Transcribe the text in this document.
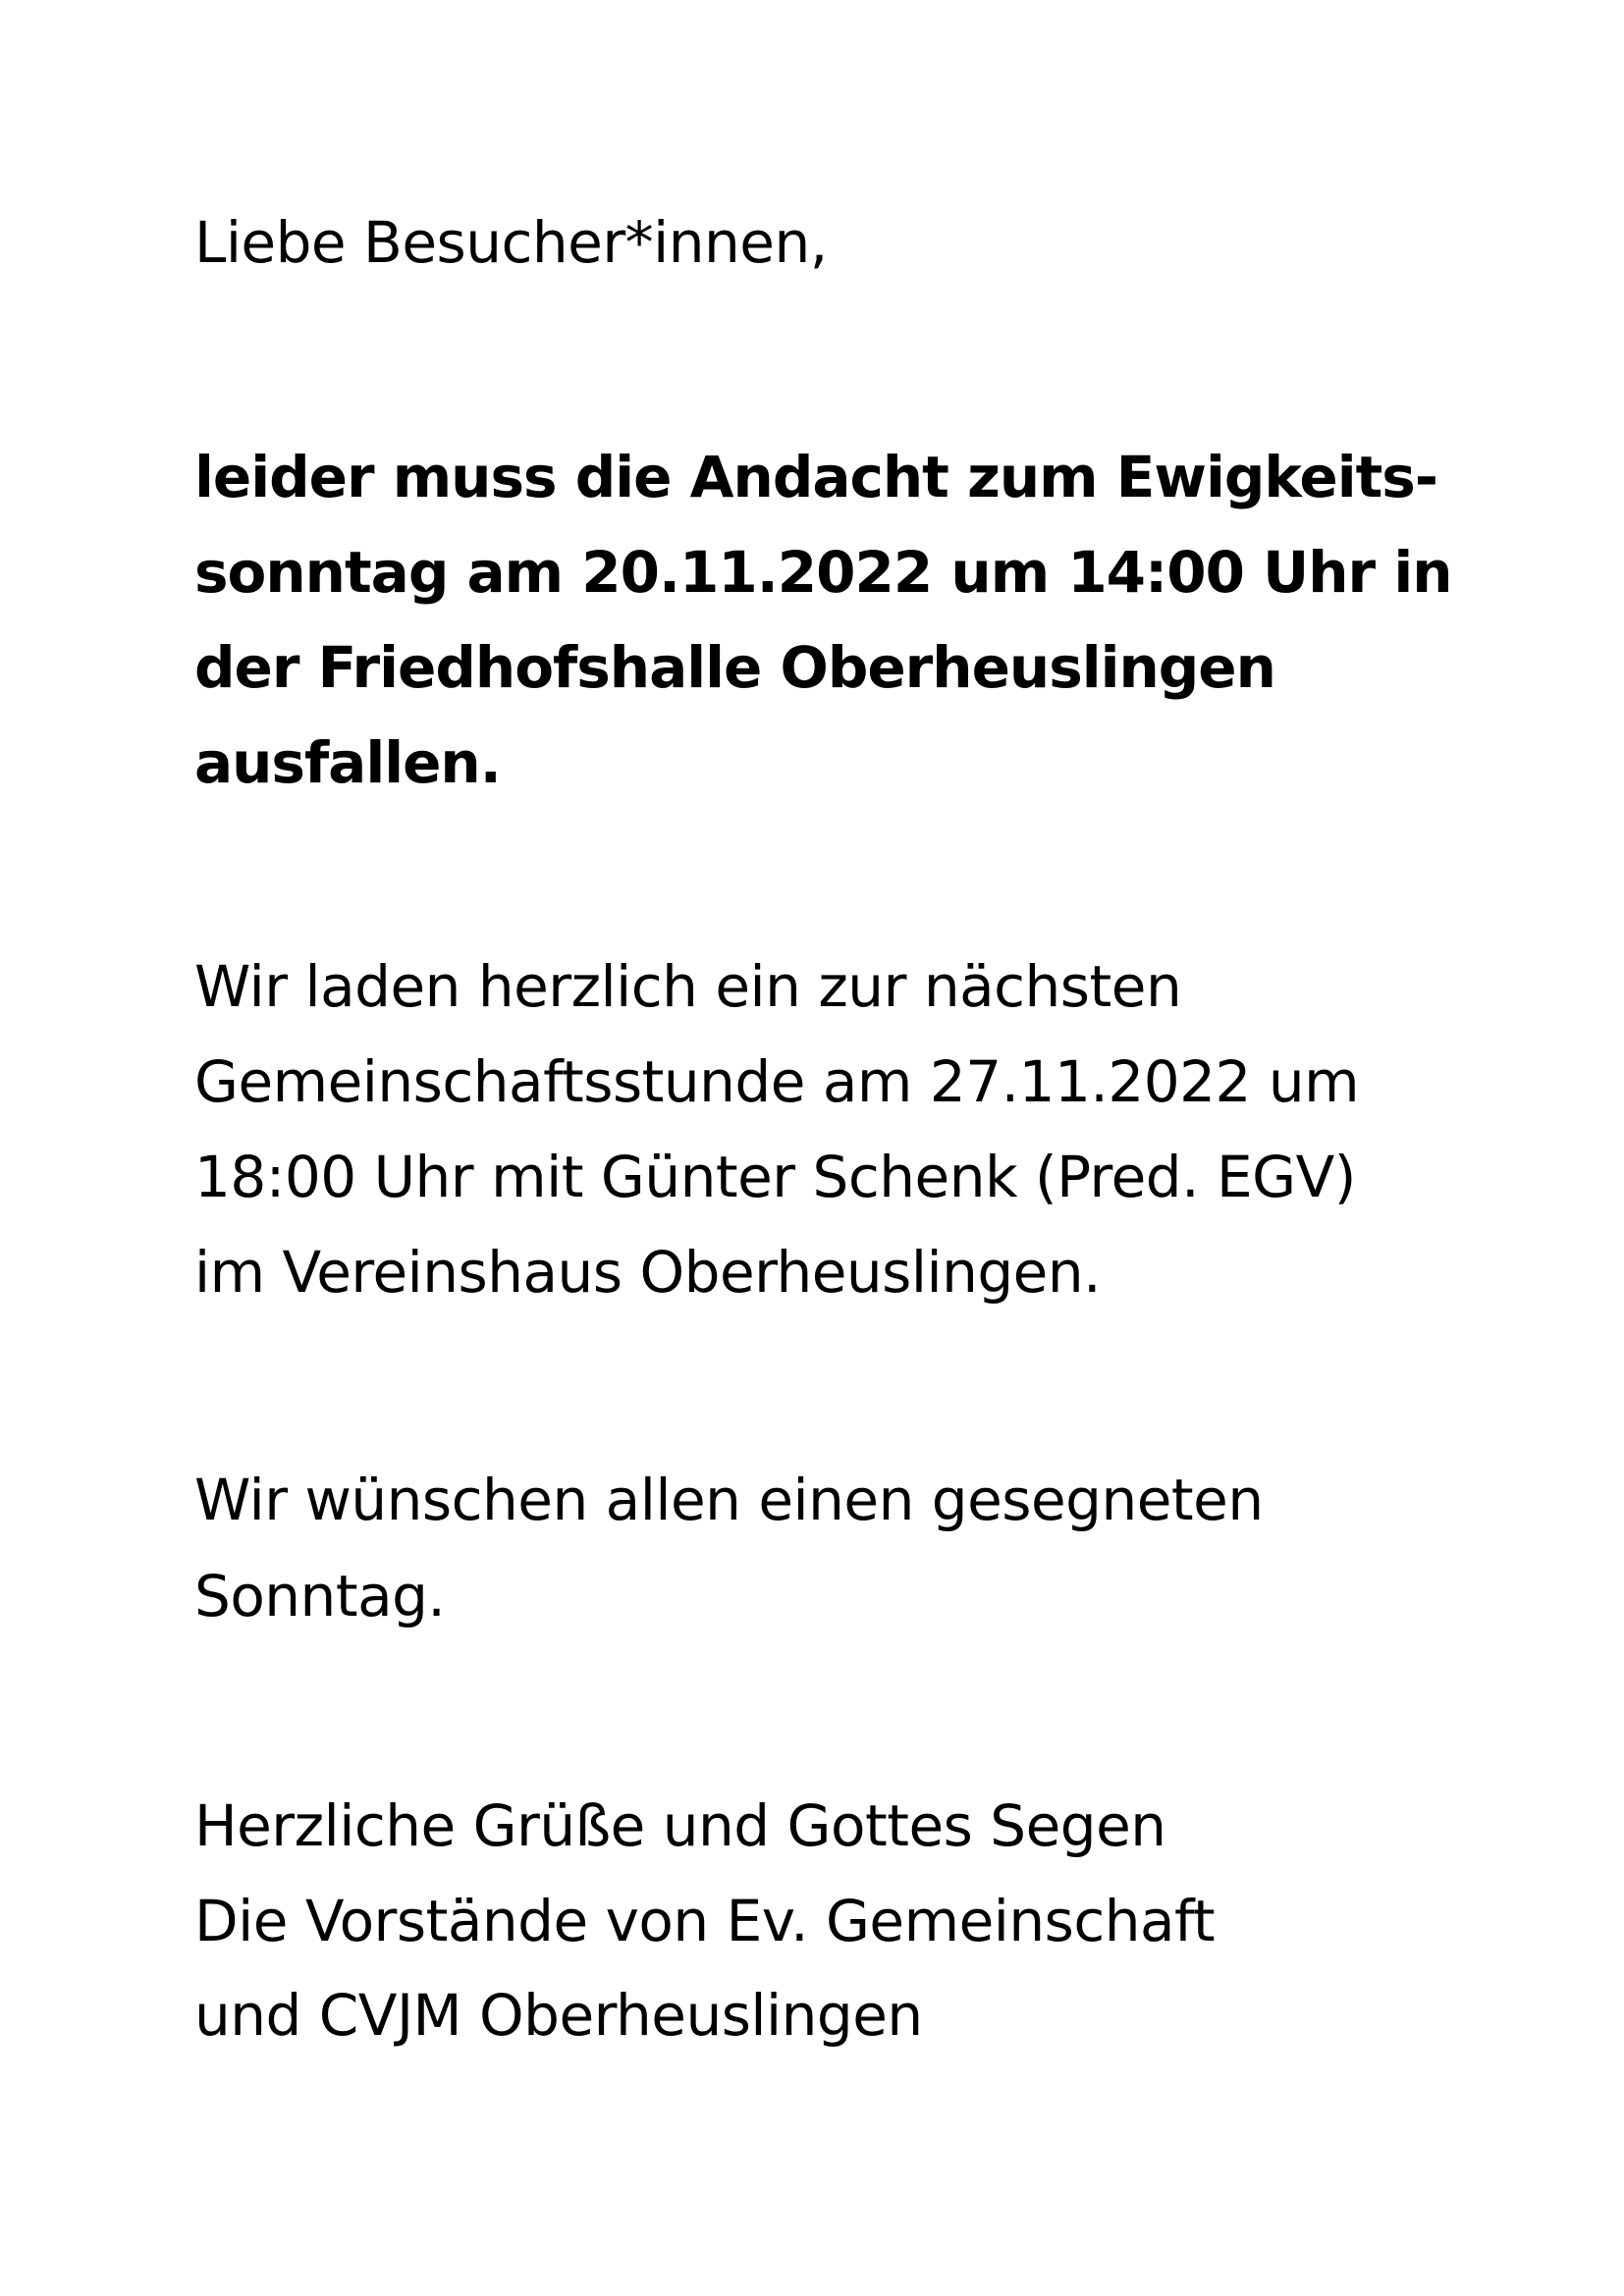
Liebe Besucher*innen,

leider muss die Andacht zum Ewigkeits-

sonntag am 20.11.2022 um 14:00 Uhr in

der Friedhofshalle Oberheuslingen

ausfallen.

Wir laden herzlich ein zur nächsten

Gemeinschaftsstunde am 27.11.2022 um

18:00 Uhr mit Günter Schenk (Pred. EGV)

im Vereinshaus Oberheuslingen.

Wir wünschen allen einen gesegneten

Sonntag.

Herzliche Grüße und Gottes Segen

Die Vorstände von Ev. Gemeinschaft

und CVJM Oberheuslingen
